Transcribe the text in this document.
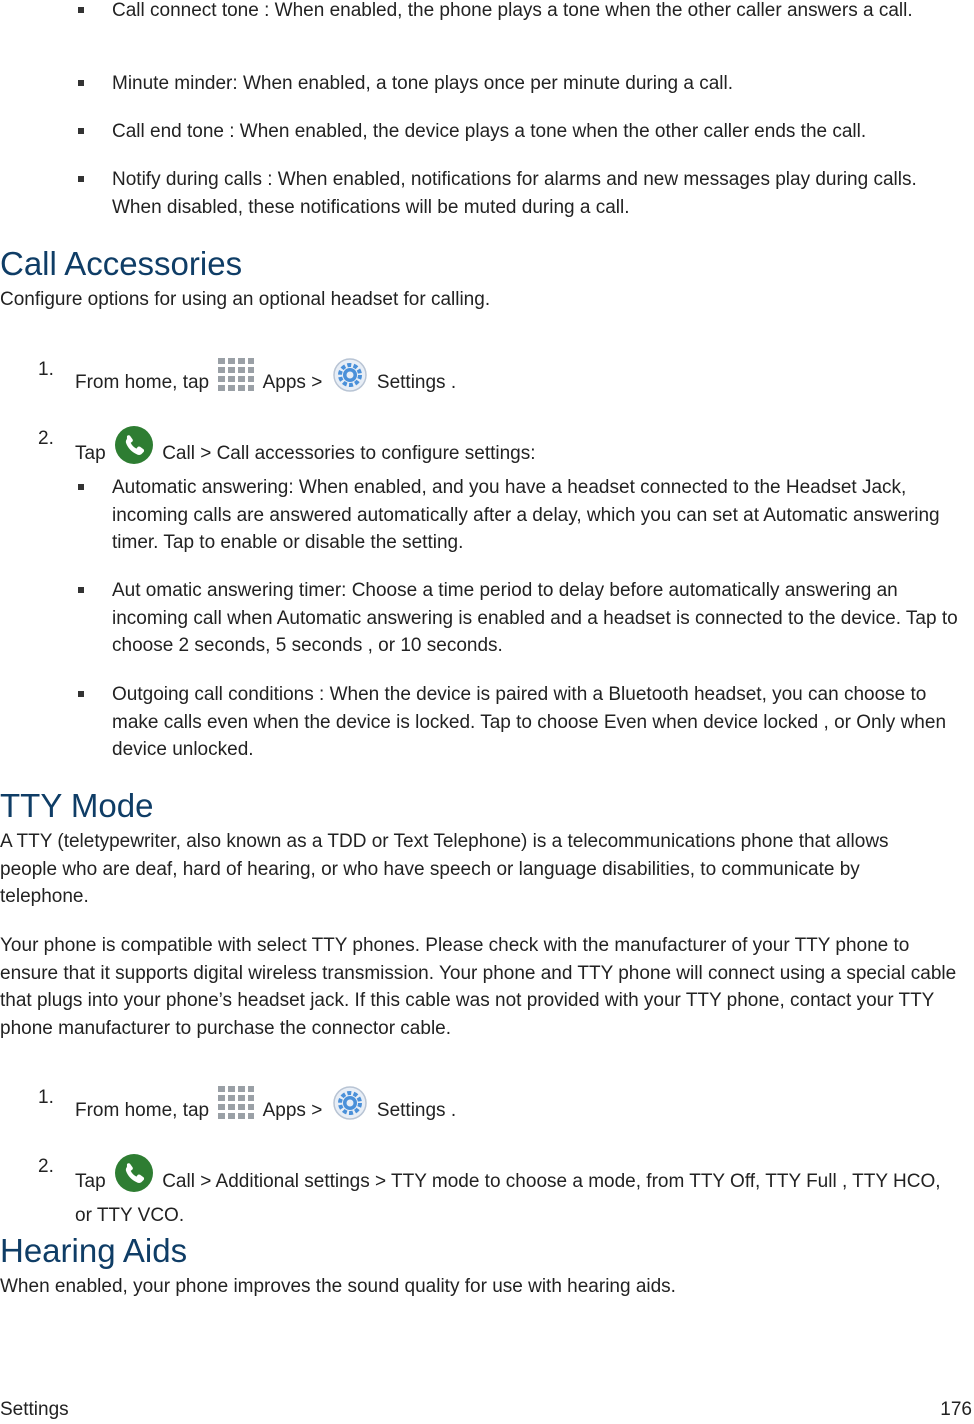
Call connect tone : When enabled, the phone plays a tone when the other caller answers a call.
Minute minder: When enabled, a tone plays once per minute during a call.
Call end tone : When enabled, the device plays a tone when the other caller ends the call.
Notify during calls : When enabled, notifications for alarms and new messages play during calls. When disabled, these notifications will be muted during a call.
Call Accessories
Configure options for using an optional headset for calling.
1.
From home, tap	Apps >	Settings .
2.
Tap	Call > Call accessories to configure settings:
Automatic answering: When enabled, and you have a headset connected to the Headset Jack, incoming calls are answered automatically after a delay, which you can set at Automatic answering timer. Tap to enable or disable the setting.
Aut omatic answering timer: Choose a time period to delay before automatically answering an incoming call when Automatic answering is enabled and a headset is connected to the device. Tap to choose 2 seconds, 5 seconds , or 10 seconds.
Outgoing call conditions : When the device is paired with a Bluetooth headset, you can choose to make calls even when the device is locked. Tap to choose Even when device locked , or Only when device unlocked.
TTY Mode
A TTY (teletypewriter, also known as a TDD or Text Telephone) is a telecommunications phone that allows people who are deaf, hard of hearing, or who have speech or language disabilities, to communicate by telephone.
Your phone is compatible with select TTY phones. Please check with the manufacturer of your TTY phone to ensure that it supports digital wireless transmission. Your phone and TTY phone will connect using a special cable that plugs into your phone’s headset jack. If this cable was not provided with your TTY phone, contact your TTY phone manufacturer to purchase the connector cable.
1.
From home, tap	Apps >	Settings .
2.
Tap	Call > Additional settings > TTY mode to choose a mode, from TTY Off, TTY Full , TTY HCO, or TTY VCO.
Hearing Aids
When enabled, your phone improves the sound quality for use with hearing aids.
Settings	176
